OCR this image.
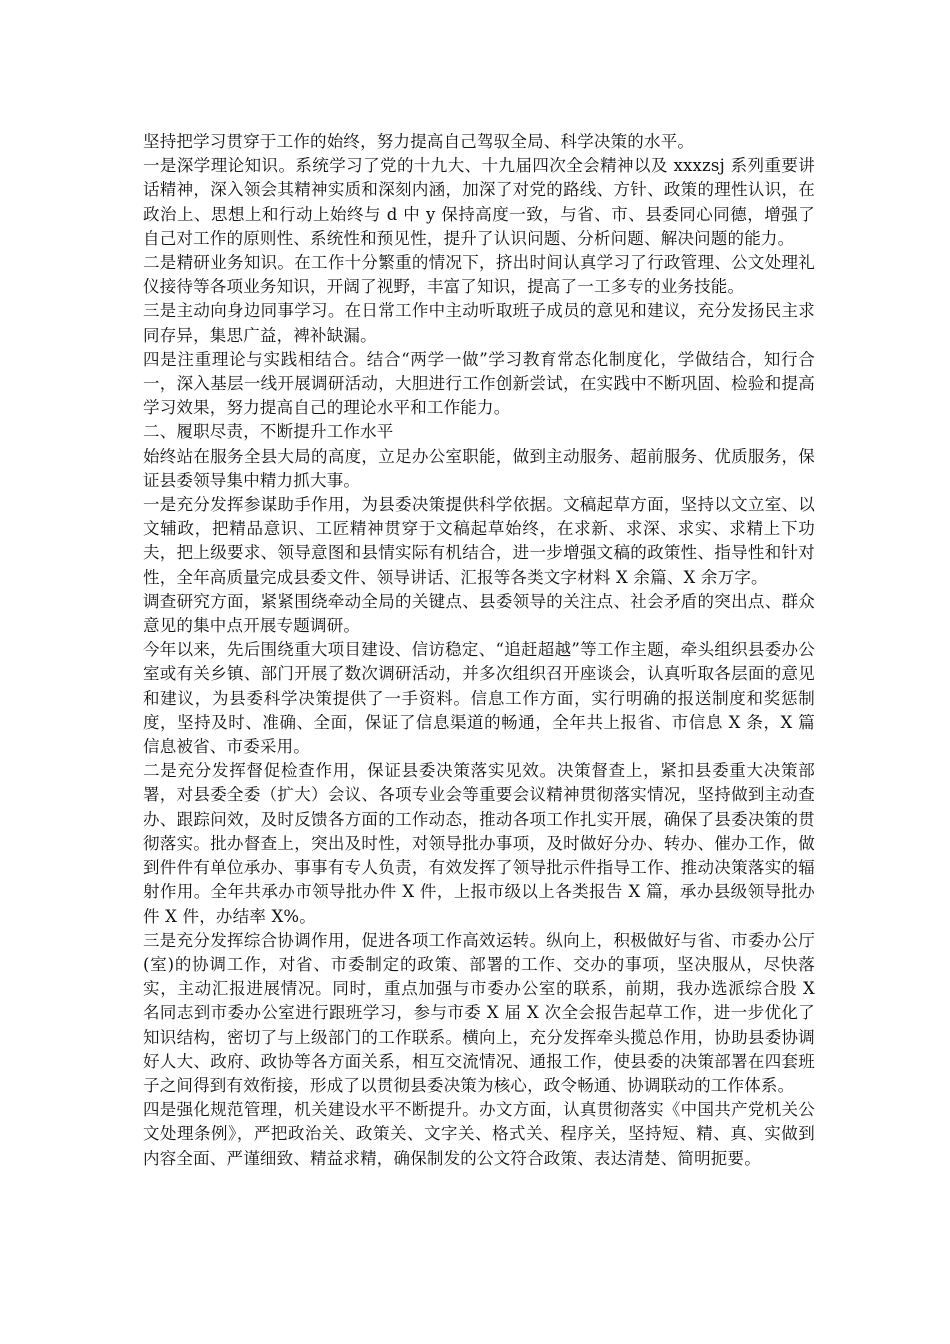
坚持把学习贯穿于工作的始终，努力提高自己驾驭全局、科学决策的水平。

一是深学理论知识。系统学习了党的十九大、十九届四次全会精神以及 xxxzsj 系列重要讲话精神，深入领会其精神实质和深刻内涵，加深了对党的路线、方针、政策的理性认识，在政治上、思想上和行动上始终与 d 中 y 保持高度一致，与省、市、县委同心同德，增强了自己对工作的原则性、系统性和预见性，提升了认识问题、分析问题、解决问题的能力。

二是精研业务知识。在工作十分繁重的情况下，挤出时间认真学习了行政管理、公文处理礼仪接待等各项业务知识，开阔了视野，丰富了知识，提高了一工多专的业务技能。

三是主动向身边同事学习。在日常工作中主动听取班子成员的意见和建议，充分发扬民主求同存异，集思广益，裨补缺漏。

四是注重理论与实践相结合。结合“两学一做”学习教育常态化制度化，学做结合，知行合一，深入基层一线开展调研活动，大胆进行工作创新尝试，在实践中不断巩固、检验和提高学习效果，努力提高自己的理论水平和工作能力。

二、履职尽责，不断提升工作水平

始终站在服务全县大局的高度，立足办公室职能，做到主动服务、超前服务、优质服务，保证县委领导集中精力抓大事。

一是充分发挥参谋助手作用，为县委决策提供科学依据。文稿起草方面，坚持以文立室、以文辅政，把精品意识、工匠精神贯穿于文稿起草始终，在求新、求深、求实、求精上下功夫，把上级要求、领导意图和县情实际有机结合，进一步增强文稿的政策性、指导性和针对性，全年高质量完成县委文件、领导讲话、汇报等各类文字材料 X 余篇、X 余万字。

调查研究方面，紧紧围绕牵动全局的关键点、县委领导的关注点、社会矛盾的突出点、群众意见的集中点开展专题调研。

今年以来，先后围绕重大项目建设、信访稳定、“追赶超越”等工作主题，牵头组织县委办公室或有关乡镇、部门开展了数次调研活动，并多次组织召开座谈会，认真听取各层面的意见和建议，为县委科学决策提供了一手资料。信息工作方面，实行明确的报送制度和奖惩制度，坚持及时、准确、全面，保证了信息渠道的畅通，全年共上报省、市信息 X 条，X 篇信息被省、市委采用。

二是充分发挥督促检查作用，保证县委决策落实见效。决策督查上，紧扣县委重大决策部署，对县委全委（扩大）会议、各项专业会等重要会议精神贯彻落实情况，坚持做到主动查办、跟踪问效，及时反馈各方面的工作动态，推动各项工作扎实开展，确保了县委决策的贯彻落实。批办督查上，突出及时性，对领导批办事项，及时做好分办、转办、催办工作，做到件件有单位承办、事事有专人负责，有效发挥了领导批示件指导工作、推动决策落实的辐射作用。全年共承办市领导批办件 X 件，上报市级以上各类报告 X 篇，承办县级领导批办件 X 件，办结率 X%。

三是充分发挥综合协调作用，促进各项工作高效运转。纵向上，积极做好与省、市委办公厅(室)的协调工作，对省、市委制定的政策、部署的工作、交办的事项，坚决服从，尽快落实，主动汇报进展情况。同时，重点加强与市委办公室的联系，前期，我办选派综合股 X 名同志到市委办公室进行跟班学习，参与市委 X 届 X 次全会报告起草工作，进一步优化了知识结构，密切了与上级部门的工作联系。横向上，充分发挥牵头揽总作用，协助县委协调好人大、政府、政协等各方面关系，相互交流情况、通报工作，使县委的决策部署在四套班子之间得到有效衔接，形成了以贯彻县委决策为核心，政令畅通、协调联动的工作体系。

四是强化规范管理，机关建设水平不断提升。办文方面，认真贯彻落实《中国共产党机关公文处理条例》，严把政治关、政策关、文字关、格式关、程序关，坚持短、精、真、实做到内容全面、严谨细致、精益求精，确保制发的公文符合政策、表达清楚、简明扼要。
